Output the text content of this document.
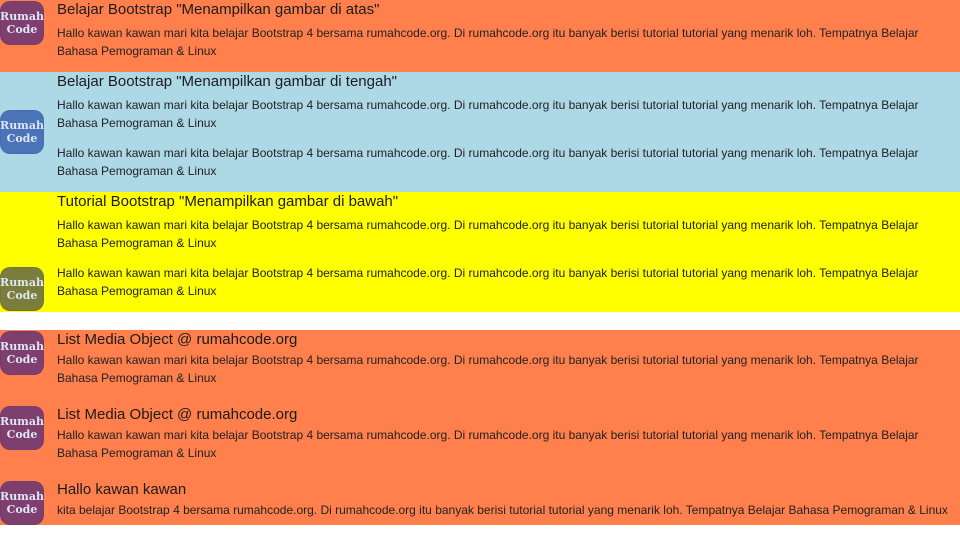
Rumah
Code
Belajar Bootstrap "Menampilkan gambar di atas"

Hallo kawan kawan mari kita belajar Bootstrap 4 bersama rumahcode.org. Di rumahcode.org itu banyak berisi tutorial tutorial yang menarik loh. Tempatnya Belajar Bahasa Pemograman & Linux

Rumah
Code
Belajar Bootstrap "Menampilkan gambar di tengah"

Hallo kawan kawan mari kita belajar Bootstrap 4 bersama rumahcode.org. Di rumahcode.org itu banyak berisi tutorial tutorial yang menarik loh. Tempatnya Belajar Bahasa Pemograman & Linux

Hallo kawan kawan mari kita belajar Bootstrap 4 bersama rumahcode.org. Di rumahcode.org itu banyak berisi tutorial tutorial yang menarik loh. Tempatnya Belajar Bahasa Pemograman & Linux

Rumah
Code
Tutorial Bootstrap "Menampilkan gambar di bawah"

Hallo kawan kawan mari kita belajar Bootstrap 4 bersama rumahcode.org. Di rumahcode.org itu banyak berisi tutorial tutorial yang menarik loh. Tempatnya Belajar Bahasa Pemograman & Linux

Hallo kawan kawan mari kita belajar Bootstrap 4 bersama rumahcode.org. Di rumahcode.org itu banyak berisi tutorial tutorial yang menarik loh. Tempatnya Belajar Bahasa Pemograman & Linux

Rumah
Code
List Media Object @ rumahcode.org

Hallo kawan kawan mari kita belajar Bootstrap 4 bersama rumahcode.org. Di rumahcode.org itu banyak berisi tutorial tutorial yang menarik loh. Tempatnya Belajar Bahasa Pemograman & Linux

Rumah
Code
List Media Object @ rumahcode.org

Hallo kawan kawan mari kita belajar Bootstrap 4 bersama rumahcode.org. Di rumahcode.org itu banyak berisi tutorial tutorial yang menarik loh. Tempatnya Belajar Bahasa Pemograman & Linux

Rumah
Code
Hallo kawan kawan

kita belajar Bootstrap 4 bersama rumahcode.org. Di rumahcode.org itu banyak berisi tutorial tutorial yang menarik loh. Tempatnya Belajar Bahasa Pemograman & Linux
